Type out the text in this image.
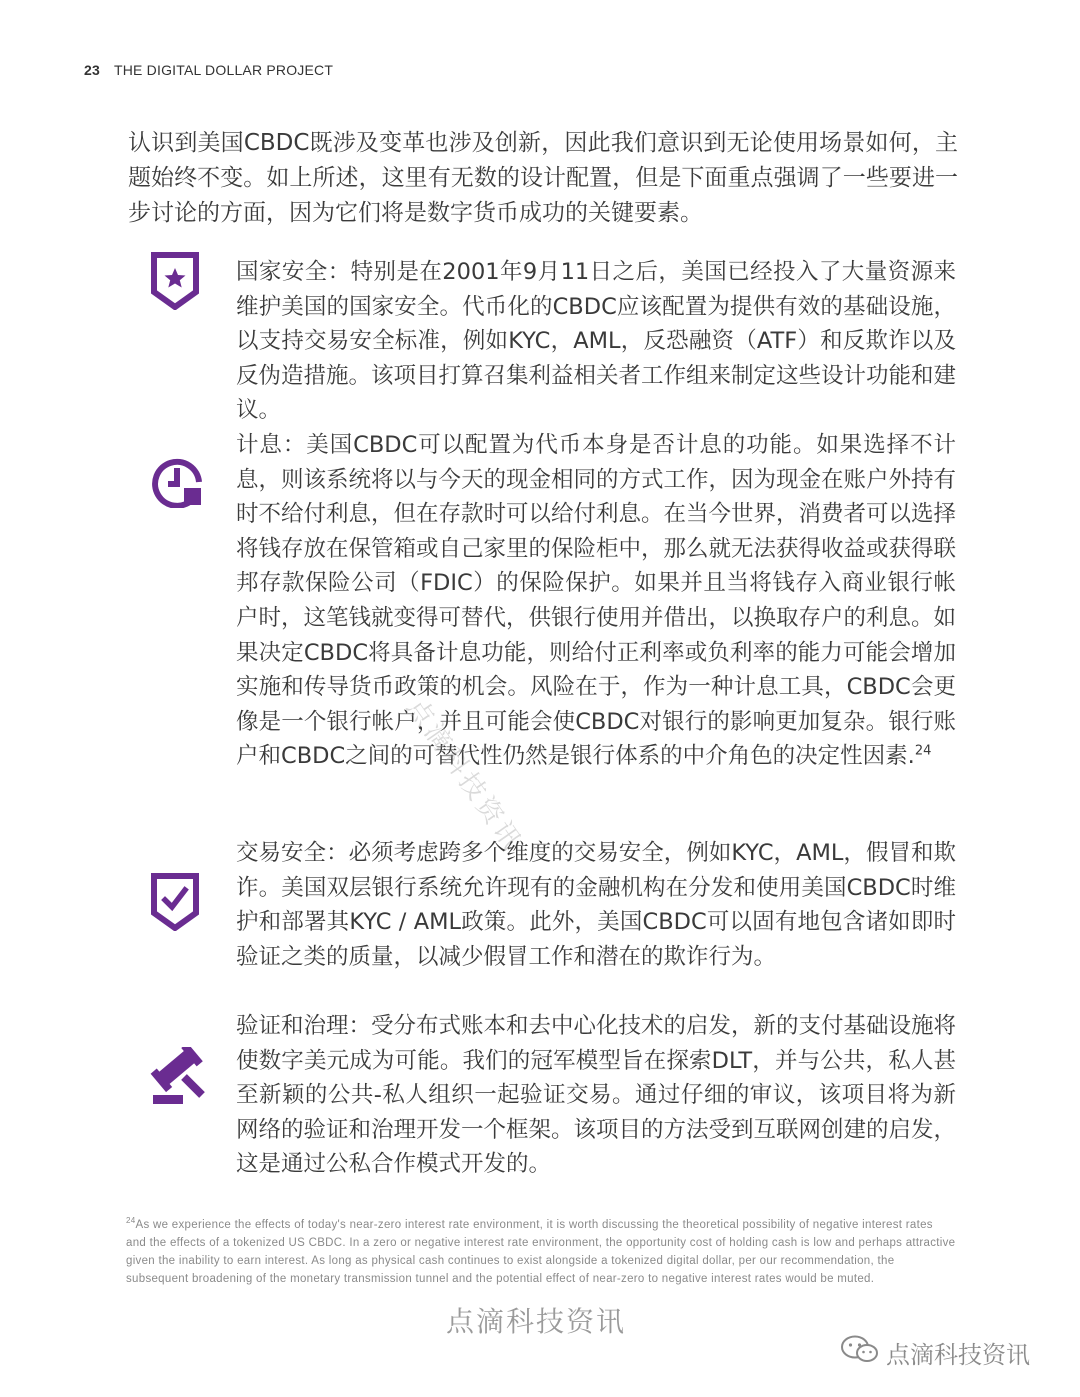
23 THE DIGITAL DOLLAR PROJECT
认识到美国CBDC既涉及变革也涉及创新，因此我们意识到无论使用场景如何，主题始终不变。如上所述，这里有无数的设计配置，但是下面重点强调了一些要进一步讨论的方面，因为它们将是数字货币成功的关键要素。
国家安全：特别是在2001年9月11日之后，美国已经投入了大量资源来维护美国的国家安全。代币化的CBDC应该配置为提供有效的基础设施，以支持交易安全标准，例如KYC，AML，反恐融资（ATF）和反欺诈以及反伪造措施。该项目打算召集利益相关者工作组来制定这些设计功能和建议。
计息：美国CBDC可以配置为代币本身是否计息的功能。如果选择不计息，则该系统将以与今天的现金相同的方式工作，因为现金在账户外持有时不给付利息，但在存款时可以给付利息。在当今世界，消费者可以选择将钱存放在保管箱或自己家里的保险柜中，那么就无法获得收益或获得联邦存款保险公司（FDIC）的保险保护。如果并且当将钱存入商业银行帐户时，这笔钱就变得可替代，供银行使用并借出，以换取存户的利息。如果决定CBDC将具备计息功能，则给付正利率或负利率的能力可能会增加实施和传导货币政策的机会。风险在于，作为一种计息工具，CBDC会更像是一个银行帐户，并且可能会使CBDC对银行的影响更加复杂。银行账户和CBDC之间的可替代性仍然是银行体系的中介角色的决定性因素.$^{24}$
交易安全：必须考虑跨多个维度的交易安全，例如KYC，AML，假冒和欺诈。美国双层银行系统允许现有的金融机构在分发和使用美国CBDC时维护和部署其KYC / AML政策。此外，美国CBDC可以固有地包含诸如即时验证之类的质量，以减少假冒工作和潜在的欺诈行为。
验证和治理：受分布式账本和去中心化技术的启发，新的支付基础设施将使数字美元成为可能。我们的冠军模型旨在探索DLT，并与公共，私人甚至新颖的公共-私人组织一起验证交易。通过仔细的审议，该项目将为新网络的验证和治理开发一个框架。该项目的方法受到互联网创建的启发，这是通过公私合作模式开发的。
$^{24}$As we experience the effects of today's near-zero interest rate environment, it is worth discussing the theoretical possibility of negative interest rates and the effects of a tokenized US CBDC. In a zero or negative interest rate environment, the opportunity cost of holding cash is low and perhaps attractive given the inability to earn interest. As long as physical cash continues to exist alongside a tokenized digital dollar, per our recommendation, the subsequent broadening of the monetary transmission tunnel and the potential effect of near-zero to negative interest rates would be muted.
点滴科技资讯
点滴科技资讯
点滴科技资讯
